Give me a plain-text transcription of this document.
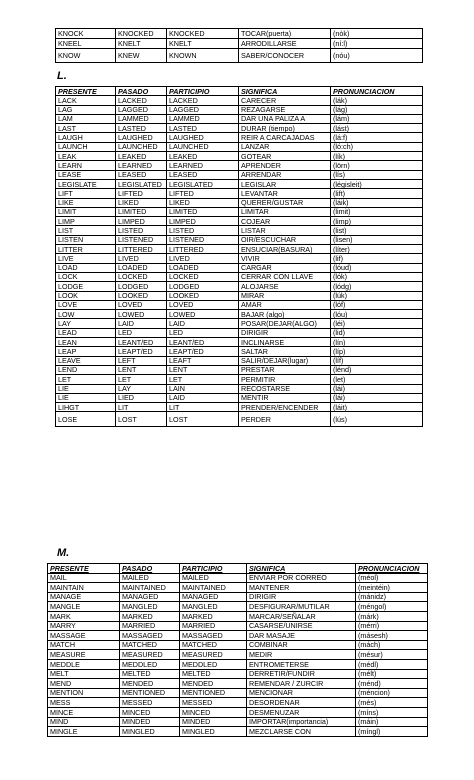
KNOCK	KNOCKED	KNOCKED	TOCAR(puerta)	(nòk)
KNEEL	KNELT	KNELT	ARRODILLARSE	(ní:l)
KNOW	KNEW	KNOWN	SABER/CONOCER	(nóu)
L.
PRESENTE	PASADO	PARTICIPIO	SIGNIFICA	PRONUNCIACION
LACK	LACKED	LACKED	CARECER	(lák)
LAG	LAGGED	LAGGED	REZAGARSE	(lág)
LAM	LAMMED	LAMMED	DAR UNA PALIZA A	(lám)
LAST	LASTED	LASTED	DURAR (tiempo)	(lást)
LAUGH	LAUGHED	LAUGHED	REIR A CARCAJADAS	(lá:f)
LAUNCH	LAUNCHED	LAUNCHED	LANZAR	(ló:ch)
LEAK	LEAKED	LEAKED	GOTEAR	(lík)
LEARN	LEARNED	LEARNED	APRENDER	(lörn)
LEASE	LEASED	LEASED	ARRENDAR	(lís)
LEGISLATE	LEGISLATED	LEGISLATED	LEGISLAR	(législeit)
LIFT	LIFTED	LIFTED	LEVANTAR	(lift)
LIKE	LIKED	LIKED	QUERER/GUSTAR	(láik)
LIMIT	LIMITED	LIMITED	LIMITAR	(limit)
LIMP	LIMPED	LIMPED	COJEAR	(limp)
LIST	LISTED	LISTED	LISTAR	(list)
LISTEN	LISTENED	LISTENED	OIR/ESCUCHAR	(lisen)
LITTER	LITTERED	LITTERED	ENSUCIAR(BASURA)	(líter)
LIVE	LIVED	LIVED	VIVIR	(lif)
LOAD	LOADED	LOADED	CARGAR	(lóud)
LOCK	LOCKED	LOCKED	CERRAR CON LLAVE	(lók)
LODGE	LODGED	LODGED	ALOJARSE	(lódg)
LOOK	LOOKED	LOOKED	MIRAR	(lúk)
LOVE	LOVED	LOVED	AMAR	(lóf)
LOW	LOWED	LOWED	BAJAR (algo)	(lóu)
LAY	LAID	LAID	POSAR(DEJAR(ALGO)	(léi)
LEAD	LED	LED	DIRIGIR	(lid)
LEAN	LEANT/ED	LEANT/ED	INCLINARSE	(lín)
LEAP	LEAPT/ED	LEAPT/ED	SALTAR	(líp)
LEAVE	LEFT	LEAFT	SALIR/DEJAR(lugar)	(líf)
LEND	LENT	LENT	PRESTAR	(lénd)
LET	LET	LET	PERMITIR	(let)
LIE	LAY	LAIN	RECOSTARSE	(lái)
LIE	LIED	LAID	MENTIR	(lái)
LIHGT	LIT	LIT	PRENDER/ENCENDER	(láit)
LOSE	LOST	LOST	PERDER	(lús)
M.
PRESENTE	PASADO	PARTICIPIO	SIGNIFICA	PRONUNCIACION
MAIL	MAILED	MAILED	ENVIAR POR CORREO	(méol)
MAINTAIN	MAINTAINED	MAINTAINED	MANTENER	(meintéin)
MANAGE	MANAGED	MANAGED	DIRIGIR	(mánidz)
MANGLE	MANGLED	MANGLED	DESFIGURAR/MUTILAR	(méngol)
MARK	MARKED	MARKED	MARCAR/SEÑALAR	(márk)
MARRY	MARRIED	MARRIED	CASARSE/UNIRSE	(mérri)
MASSAGE	MASSAGED	MASSAGED	DAR MASAJE	(másesh)
MATCH	MATCHED	MATCHED	COMBINAR	(mách)
MEASURE	MEASURED	MEASURED	MEDIR	(mésur)
MEDDLE	MEDDLED	MEDDLED	ENTROMETERSE	(médl)
MELT	MELTED	MELTED	DERRETIR/FUNDIR	(mélt)
MEND	MENDED	MENDED	REMENDAR / ZURCIR	(ménd)
MENTION	MENTIONED	MENTIONED	MENCIONAR	(méncion)
MESS	MESSED	MESSED	DESORDENAR	(més)
MINCE	MINCED	MINCED	DESMENUZAR	(míns)
MIND	MINDED	MINDED	IMPORTAR(importancia)	(máin)
MINGLE	MINGLED	MINGLED	MEZCLARSE CON	(míngl)
